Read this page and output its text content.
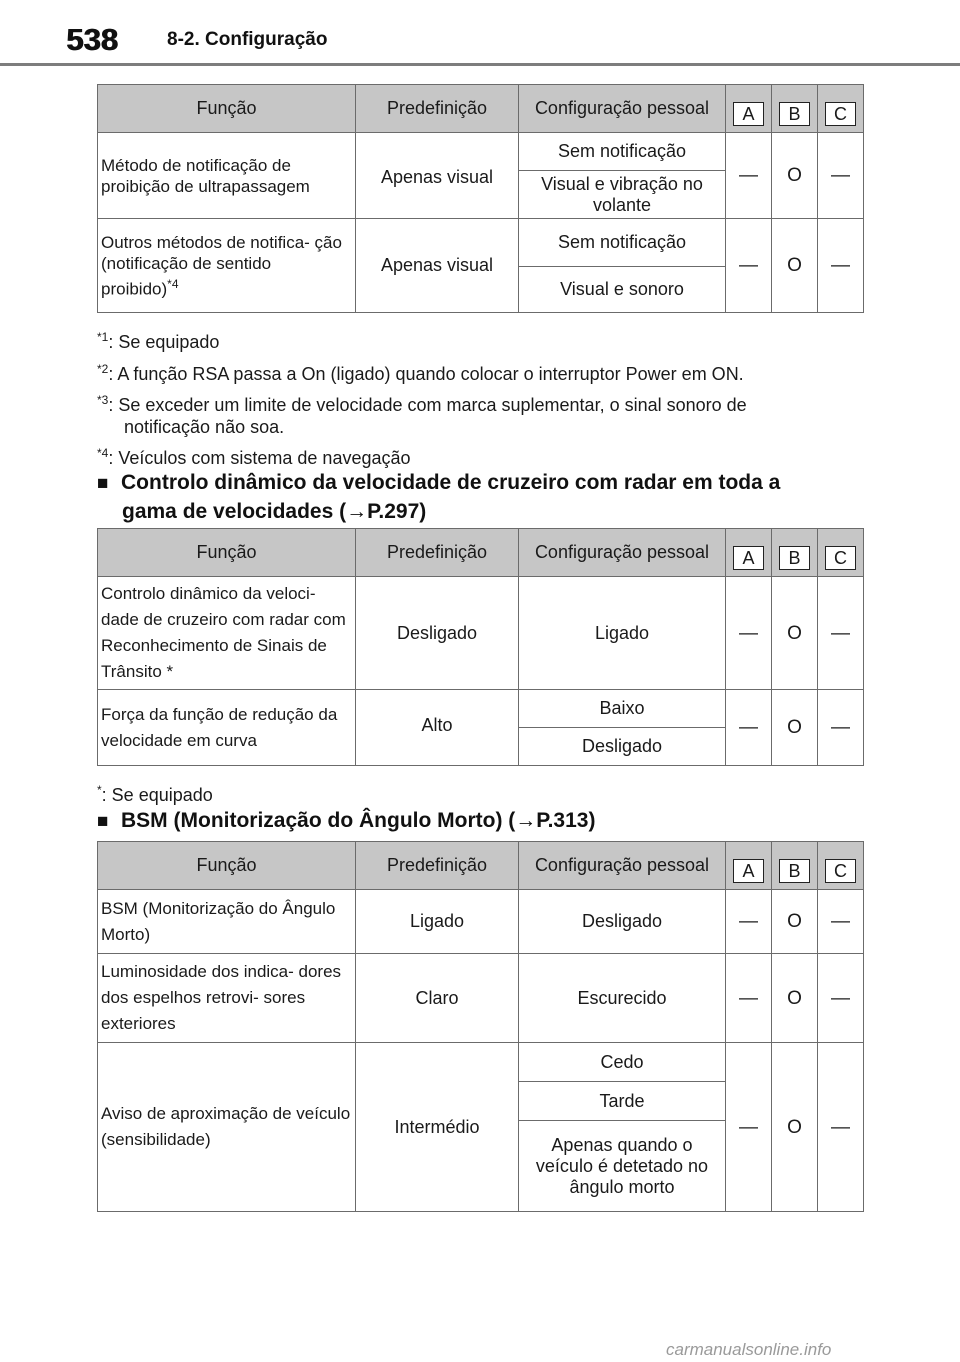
538	8-2. Configuração
Função	Predefinição	Configuração pessoal	A	B	C
Método de notificação de proibição de ultrapassagem	Apenas visual	Sem notificação	—	O	—
		Visual e vibração no volante			
Outros métodos de notifica- ção (notificação de sentido proibido)$^{*4}$	Apenas visual	Sem notificação	—	O	—
		Visual e sonoro			
$^{*1}$: Se equipado
$^{*2}$: A função RSA passa a On (ligado) quando colocar o interruptor Power em ON.
$^{*3}$: Se exceder um limite de velocidade com marca suplementar, o sinal sonoro de
notificação não soa.
$^{*4}$: Veículos com sistema de navegação
■ Controlo dinâmico da velocidade de cruzeiro com radar em toda a
gama de velocidades (→P.297)
Função	Predefinição	Configuração pessoal	A	B	C
Controlo dinâmico da veloci- dade de cruzeiro com radar com Reconhecimento de Sinais de Trânsito *	Desligado	Ligado	—	O	—
Força da função de redução da velocidade em curva	Alto	Baixo	—	O	—
		Desligado			
*: Se equipado
■ BSM (Monitorização do Ângulo Morto) (→P.313)
Função	Predefinição	Configuração pessoal	A	B	C
BSM (Monitorização do Ângulo Morto)	Ligado	Desligado	—	O	—
Luminosidade dos indica- dores dos espelhos retrovi- sores exteriores	Claro	Escurecido	—	O	—
Aviso de aproximação de veículo (sensibilidade)	Intermédio	Cedo	—	O	—
		Tarde			
		Apenas quando o veículo é detetado no ângulo morto			
carmanualsonline.info
